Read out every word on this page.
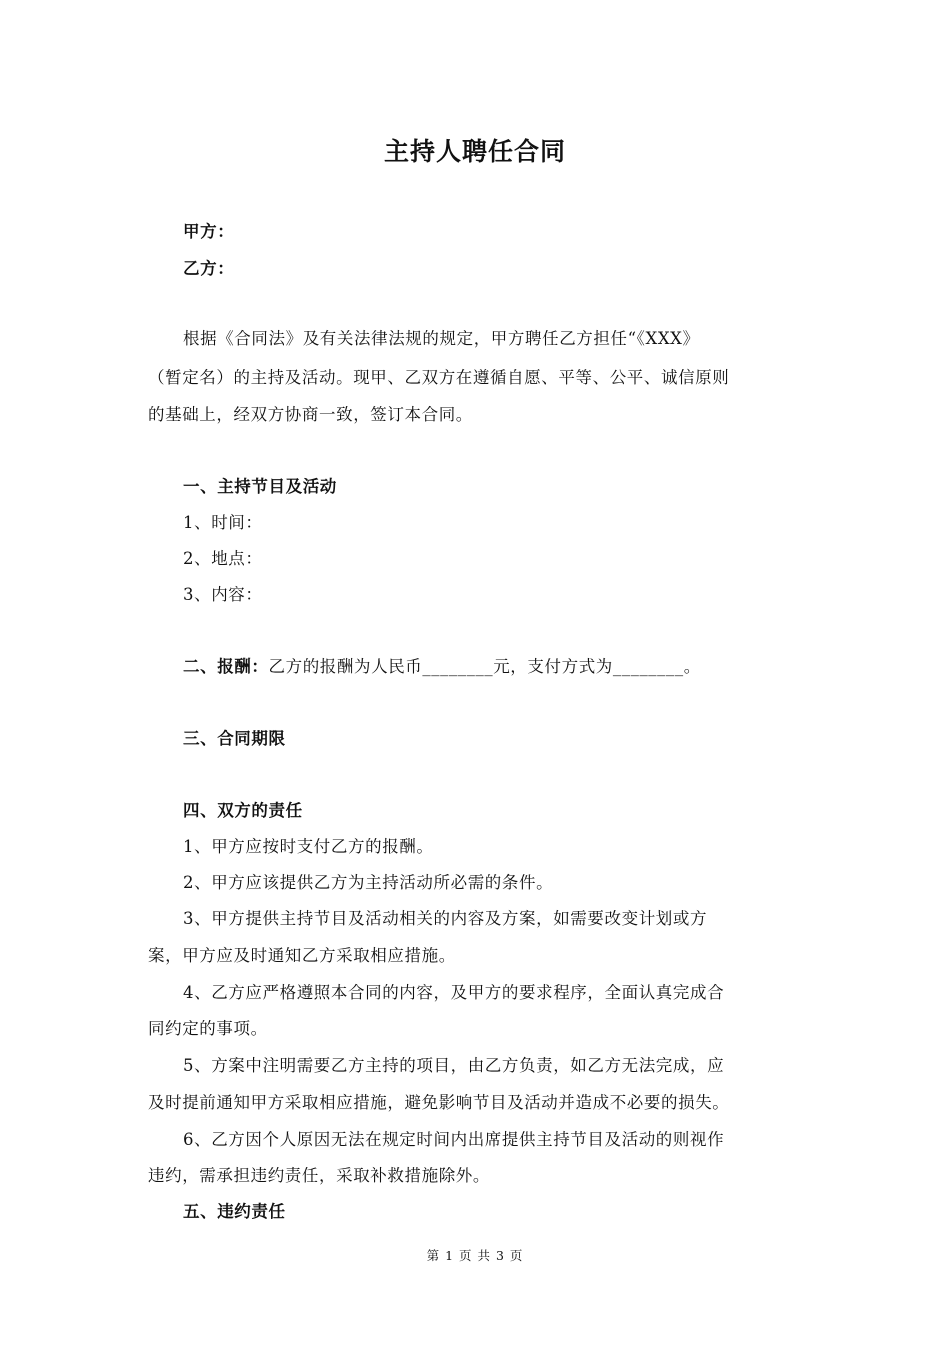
主持人聘任合同
甲方：
乙方：
根据《合同法》及有关法律法规的规定，甲方聘任乙方担任“《XXX》
（暂定名）的主持及活动。现甲、乙双方在遵循自愿、平等、公平、诚信原则
的基础上，经双方协商一致，签订本合同。
一、主持节目及活动
1、时间：
2、地点：
3、内容：
二、报酬：乙方的报酬为人民币________元，支付方式为________。
三、合同期限
四、双方的责任
1、甲方应按时支付乙方的报酬。
2、甲方应该提供乙方为主持活动所必需的条件。
3、甲方提供主持节目及活动相关的内容及方案，如需要改变计划或方
案，甲方应及时通知乙方采取相应措施。
4、乙方应严格遵照本合同的内容，及甲方的要求程序，全面认真完成合
同约定的事项。
5、方案中注明需要乙方主持的项目，由乙方负责，如乙方无法完成，应
及时提前通知甲方采取相应措施，避免影响节目及活动并造成不必要的损失。
6、乙方因个人原因无法在规定时间内出席提供主持节目及活动的则视作
违约，需承担违约责任，采取补救措施除外。
五、违约责任
第 1 页 共 3 页
